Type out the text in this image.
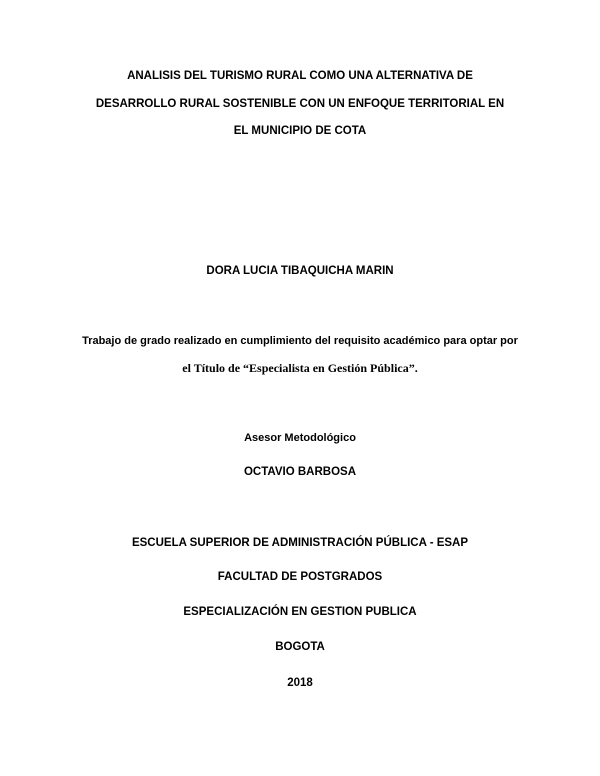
ANALISIS DEL TURISMO RURAL COMO UNA ALTERNATIVA DE
DESARROLLO RURAL SOSTENIBLE CON UN ENFOQUE TERRITORIAL EN
EL MUNICIPIO DE COTA
DORA LUCIA TIBAQUICHA MARIN
Trabajo de grado realizado en cumplimiento del requisito académico para optar por
el Título de “Especialista en Gestión Pública”.
Asesor Metodológico
OCTAVIO BARBOSA
ESCUELA SUPERIOR DE ADMINISTRACIÓN PÚBLICA - ESAP
FACULTAD DE POSTGRADOS
ESPECIALIZACIÓN EN GESTION PUBLICA
BOGOTA
2018
